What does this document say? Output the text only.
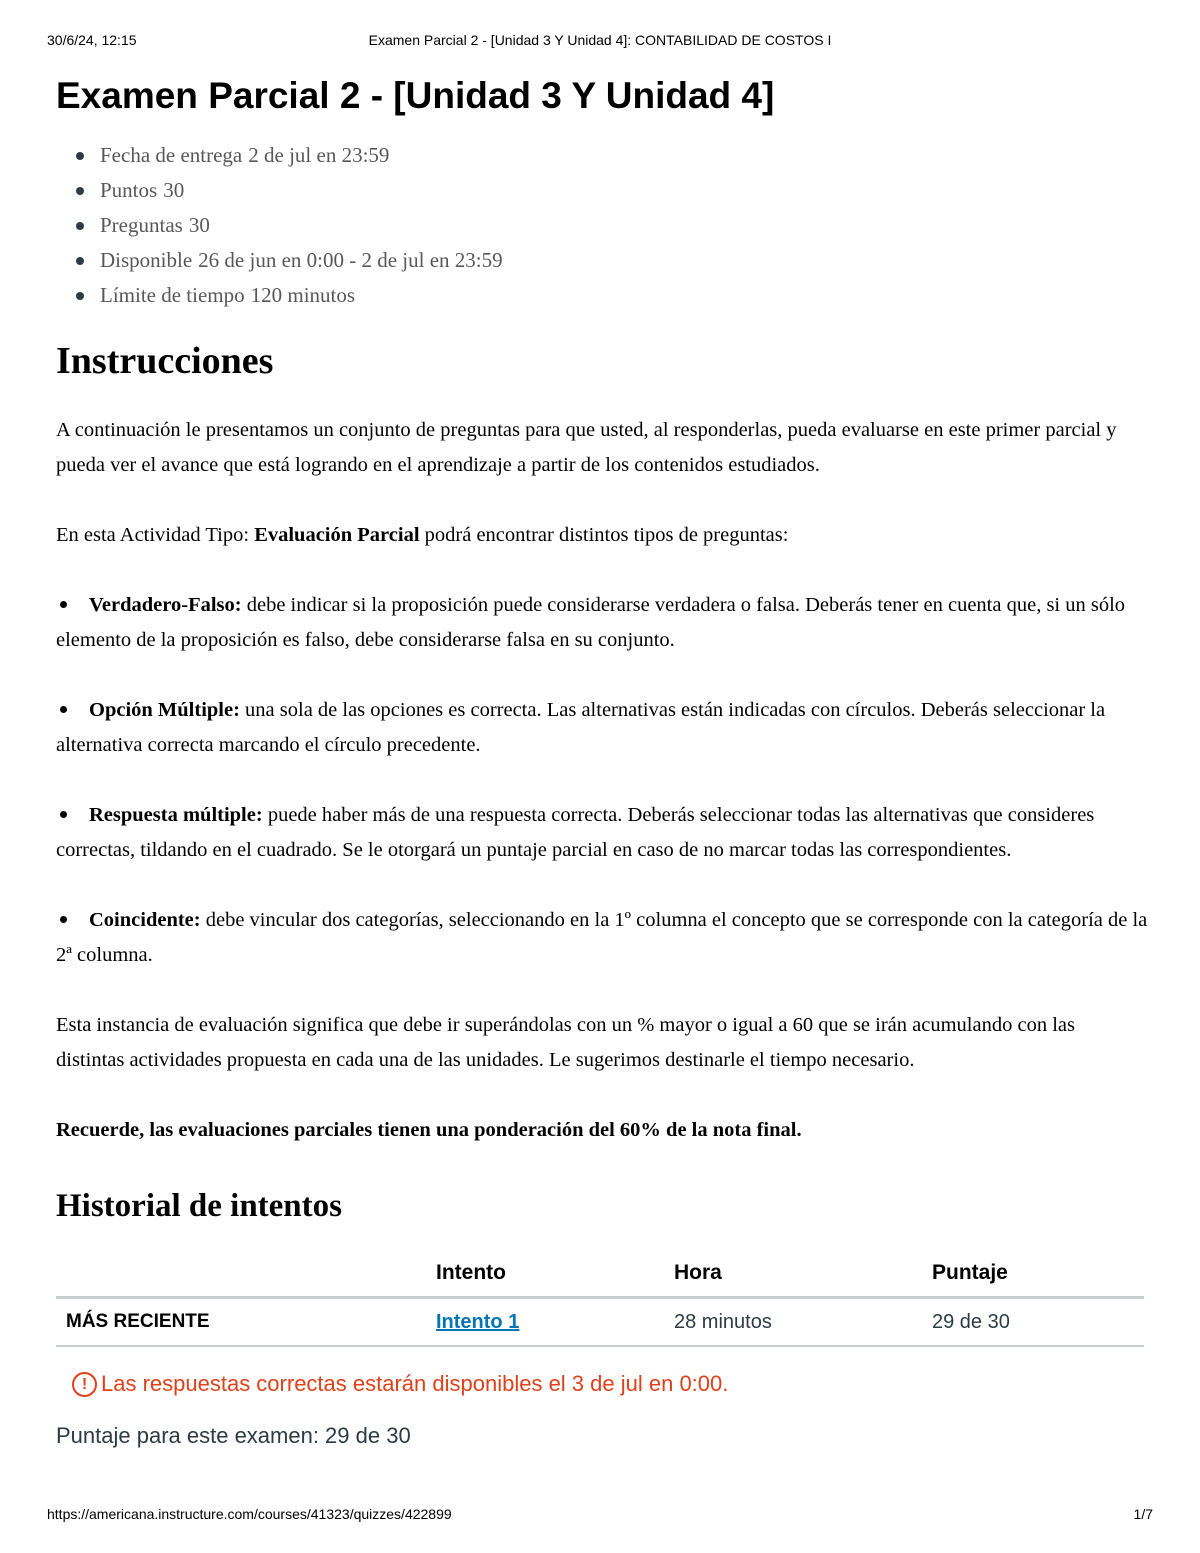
30/6/24, 12:15	Examen Parcial 2 - [Unidad 3 Y Unidad 4]: CONTABILIDAD DE COSTOS I
Examen Parcial 2 - [Unidad 3 Y Unidad 4]
Fecha de entrega 2 de jul en 23:59
Puntos 30
Preguntas 30
Disponible 26 de jun en 0:00 - 2 de jul en 23:59
Límite de tiempo 120 minutos
Instrucciones

A continuación le presentamos un conjunto de preguntas para que usted, al responderlas, pueda evaluarse en este primer parcial y pueda ver el avance que está logrando en el aprendizaje a partir de los contenidos estudiados.

En esta Actividad Tipo: Evaluación Parcial podrá encontrar distintos tipos de preguntas:

Verdadero-Falso: debe indicar si la proposición puede considerarse verdadera o falsa. Deberás tener en cuenta que, si un sólo elemento de la proposición es falso, debe considerarse falsa en su conjunto.

Opción Múltiple: una sola de las opciones es correcta. Las alternativas están indicadas con círculos. Deberás seleccionar la alternativa correcta marcando el círculo precedente.

Respuesta múltiple: puede haber más de una respuesta correcta. Deberás seleccionar todas las alternativas que consideres correctas, tildando en el cuadrado. Se le otorgará un puntaje parcial en caso de no marcar todas las correspondientes.

Coincidente: debe vincular dos categorías, seleccionando en la 1º columna el concepto que se corresponde con la categoría de la 2ª columna.

Esta instancia de evaluación significa que debe ir superándolas con un % mayor o igual a 60 que se irán acumulando con las distintas actividades propuesta en cada una de las unidades. Le sugerimos destinarle el tiempo necesario.

Recuerde, las evaluaciones parciales tienen una ponderación del 60% de la nota final.

Historial de intentos
	Intento	Hora	Puntaje
MÁS RECIENTE	Intento 1	28 minutos	29 de 30
! Las respuestas correctas estarán disponibles el 3 de jul en 0:00.
Puntaje para este examen: 29 de 30
https://americana.instructure.com/courses/41323/quizzes/422899	1/7
